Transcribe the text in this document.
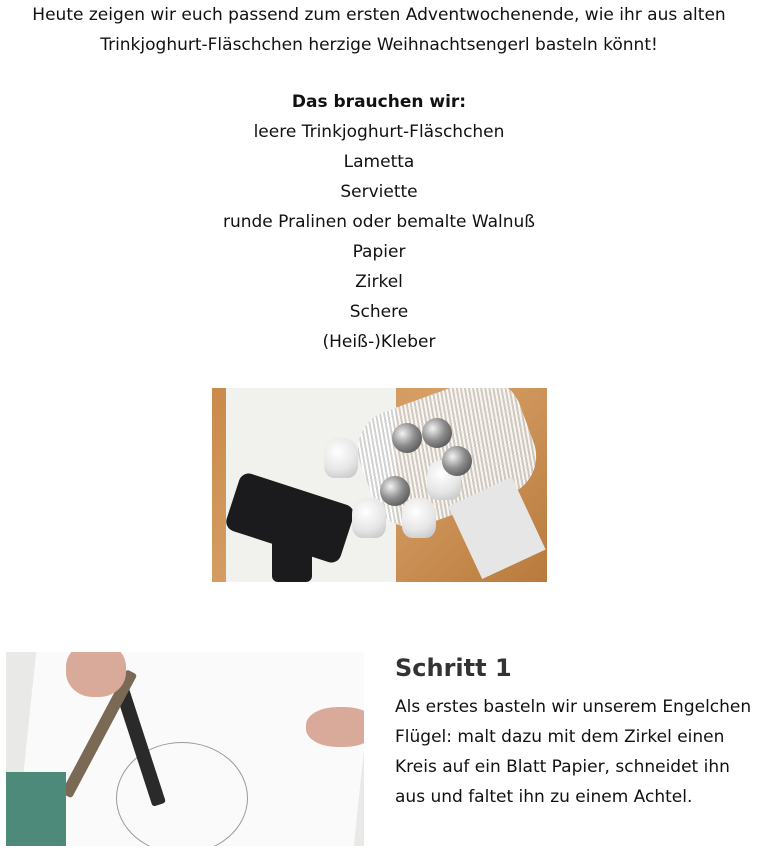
Heute zeigen wir euch passend zum ersten Adventwochenende, wie ihr aus alten

Trinkjoghurt-Fläschchen herzige Weihnachtsengerl basteln könnt!

Das brauchen wir:
leere Trinkjoghurt-Fläschchen
Lametta
Serviette
runde Pralinen oder bemalte Walnuß
Papier
Zirkel
Schere
(Heiß-)Kleber
Schritt 1

Als erstes basteln wir unserem Engelchen Flügel: malt dazu mit dem Zirkel einen Kreis auf ein Blatt Papier, schneidet ihn aus und faltet ihn zu einem Achtel.
